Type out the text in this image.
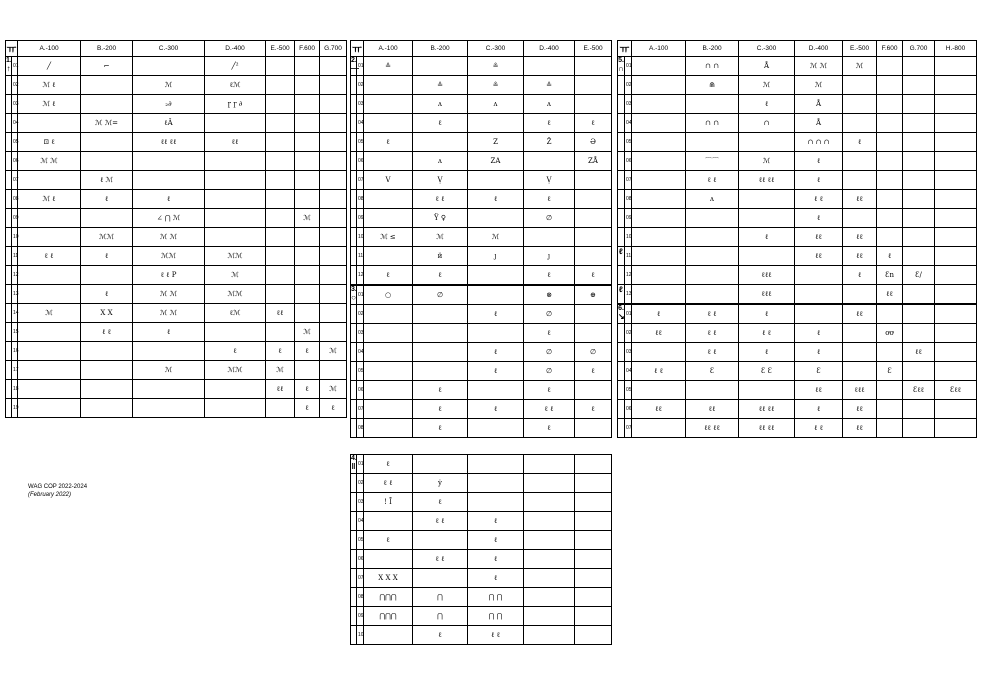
ㅠ		A.-100	B.-200	C.-300	D.-400	E.-500	F.600	G.700

1.
↑	01	╱	⌐		╱²			

	02	ℳ ℓ		ℳ	ℓℳ			

	03	ℳ ℓ		₂∂	ɼ ɼ ∂			

	04		ℳ ℳ=	ℓÂ				

	05	⊡ ℓ		ℓℓ ℓℓ	ℓℓ			

	06	ℳ ℳ						

	07		ℓ ℳ					

	08	ℳ ℓ	ℓ	ℓ				

	09			∠ ⋂ ℳ			ℳ	

	10		ℳℳ	ℳ ℳ				

	11	ℓ ℓ	ℓ	ℳℳ	ℳℳ			

	12			ℓ ℓ P	ℳ			

	13		ℓ	ℳ ℳ	ℳℳ			

	14	ℳ	X X	ℳ ℳ	ℓℳ	ℓℓ		

	15		ℓ ℓ	ℓ			ℳ	

	16				ℓ	ℓ	ℓ	ℳ

	17			ℳ	ℳℳ	ℳ		

	18					ℓℓ	ℓ	ℳ

	19						ℓ	ℓ
ㅠ		A.-100	B.-200	C.-300	D.-400	E.-500

2.
—	01	≗		≗		

	02		≗	≗	≗	

	03		ᴧ	ᴧ	ᴧ	

	04		ℓ		ℓ	ℓ

	05	ℓ		Z	Ž	Ə

	06		ᴧ	ZA		ZÅ

	07	V	Ṿ		Ṿ	

	08		ℓ ℓ	ℓ	ℓ	

	09		Ÿ ♀		∅	

	10	ℳ ≤	ℳ	ℳ		

	11		й	ȷ	ȷ	

	12	ℓ	ℓ		ℓ	ℓ

3.
○	01	○	∅		⊗	⊕

	02			ℓ	∅	

	03				ℓ	

	04			ℓ	∅	∅

	05			ℓ	∅	ℓ

	06		ℓ		ℓ	

	07		ℓ	ℓ	ℓ ℓ	ℓ

	08		ℓ		ℓ	
ㅠ		A.-100	B.-200	C.-300	D.-400	E.-500	F.600	G.700	H.-800

5.
∩	01		∩ ∩	Å	ℳ ℳ	ℳ			

	02		⋒	ℳ	ℳ				

	03			ℓ	Å				

	04		∩ ∩	∩	Å				

	05				∩ ∩ ∩	ℓ			

	06		⌒⌒	ℳ	ℓ				

	07		ℓ ℓ	ℓℓ ℓℓ	ℓ				

	08		ᴧ		ℓ ℓ	ℓℓ			

	09				ℓ				

	10			ℓ	ℓℓ	ℓℓ			

ℓ	11				ℓℓ	ℓℓ	ℓ		

	12			ℓℓℓ		ℓ	Ɛn	Ɛ/	

ℓ	13			ℓℓℓ			ℓℓ		

6.
↘	01	ℓ	ℓ ℓ	ℓ		ℓℓ			

	02	ℓℓ	ℓ ℓ	ℓ ℓ	ℓ		ơơ		

	03		ℓ ℓ	ℓ	ℓ			ℓℓ	

	04	ℓ ℓ	Ɛ	Ɛ Ɛ	Ɛ		Ɛ		

	05				ℓℓ	ℓℓℓ		Ɛℓℓ	Ɛℓℓ

	06	ℓℓ	ℓℓ	ℓℓ ℓℓ	ℓ	ℓℓ			

	07		ℓℓ ℓℓ	ℓℓ ℓℓ	ℓ ℓ	ℓℓ			
4.
‖	01	ℓ				

	02	ℓ ℓ	ẏ			

	03	! Ī	ℓ			

	04		ℓ ℓ	ℓ		

	05	ℓ		ℓ		

	06		ℓ ℓ	ℓ		

	07	X X X		ℓ		

	08	⋂⋂⋂	⋂	⋂ ⋂		

	09	⋂⋂⋂	⋂	⋂ ⋂		

	10		ℓ	ℓ ℓ		
WAG COP 2022-2024
(February 2022)
